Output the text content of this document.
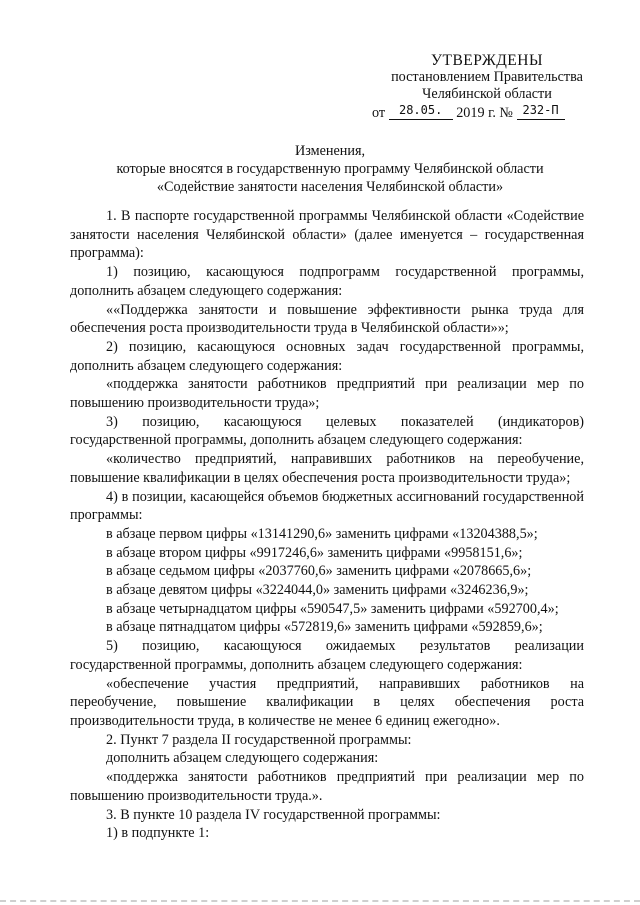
УТВЕРЖДЕНЫ
постановлением Правительства
Челябинской области
от 28.05. 2019 г. № 232-П
Изменения,
которые вносятся в государственную программу Челябинской области
«Содействие занятости населения Челябинской области»

1. В паспорте государственной программы Челябинской области «Содействие занятости населения Челябинской области» (далее именуется – государственная программа):

1) позицию, касающуюся подпрограмм государственной программы, дополнить абзацем следующего содержания:

««Поддержка занятости и повышение эффективности рынка труда для обеспечения роста производительности труда в Челябинской области»»;

2) позицию, касающуюся основных задач государственной программы, дополнить абзацем следующего содержания:

«поддержка занятости работников предприятий при реализации мер по повышению производительности труда»;

3) позицию, касающуюся целевых показателей (индикаторов) государственной программы, дополнить абзацем следующего содержания:

«количество предприятий, направивших работников на переобучение, повышение квалификации в целях обеспечения роста производительности труда»;

4) в позиции, касающейся объемов бюджетных ассигнований государственной программы:

в абзаце первом цифры «13141290,6» заменить цифрами «13204388,5»;

в абзаце втором цифры «9917246,6» заменить цифрами «9958151,6»;

в абзаце седьмом цифры «2037760,6» заменить цифрами «2078665,6»;

в абзаце девятом цифры «3224044,0» заменить цифрами «3246236,9»;

в абзаце четырнадцатом цифры «590547,5» заменить цифрами «592700,4»;

в абзаце пятнадцатом цифры «572819,6» заменить цифрами «592859,6»;

5) позицию, касающуюся ожидаемых результатов реализации государственной программы, дополнить абзацем следующего содержания:

«обеспечение участия предприятий, направивших работников на переобучение, повышение квалификации в целях обеспечения роста производительности труда, в количестве не менее 6 единиц ежегодно».

2. Пункт 7 раздела II государственной программы:

дополнить абзацем следующего содержания:

«поддержка занятости работников предприятий при реализации мер по повышению производительности труда.».

3. В пункте 10 раздела IV государственной программы:

1) в подпункте 1:
